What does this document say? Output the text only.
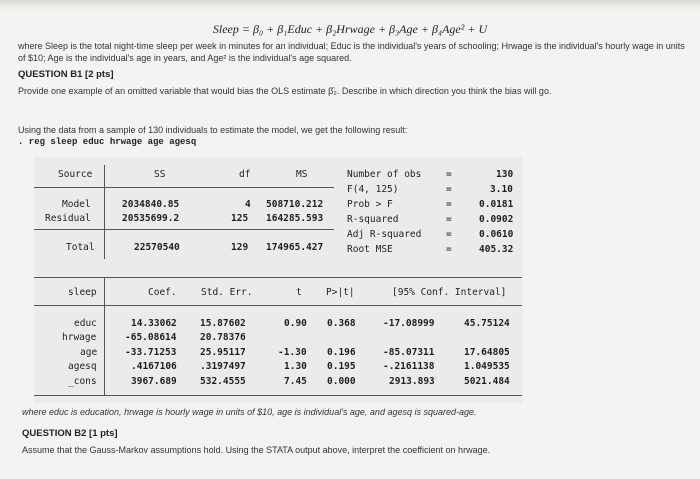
Sleep = β₀ + β₁Educ + β₂Hrwage + β₃Age + β₄Age² + U
where Sleep is the total night-time sleep per week in minutes for an individual; Educ is the individual's years of schooling; Hrwage is the individual's hourly wage in units of $10; Age is the individual's age in years, and Age² is the individual's age squared.
QUESTION B1 [2 pts]
Provide one example of an omitted variable that would bias the OLS estimate β̂₂. Describe in which direction you think the bias will go.
Using the data from a sample of 130 individuals to estimate the model, we get the following result:
. reg sleep educ hrwage age agesq
Source	SS	df	MS
Model	2034840.85	4 508710.212
Residual	20535699.2	125 164285.593
Total	22570540	129 174965.427
Number of obs	=	130
F(4, 125)	=	3.10
Prob > F	=	0.0181
R-squared	=	0.0902
Adj R-squared	=	0.0610
Root MSE	=	405.32
sleep	Coef.	Std. Err.	t	P>|t|	[95% Conf. Interval]
educ	14.33062 15.87602	0.90 0.368	-17.08999	45.75124
hrwage	-65.08614 20.78376
age	-33.71253 25.95117	-1.30 0.196	-85.07311	17.64805
agesq	.4167106 .3197497	1.30 0.195	-.2161138	1.049535
_cons	3967.689 532.4555	7.45 0.000	2913.893	5021.484
where educ is education, hrwage is hourly wage in units of $10, age is individual's age, and agesq is squared-age.
QUESTION B2 [1 pts]
Assume that the Gauss-Markov assumptions hold. Using the STATA output above, interpret the coefficient on hrwage.
